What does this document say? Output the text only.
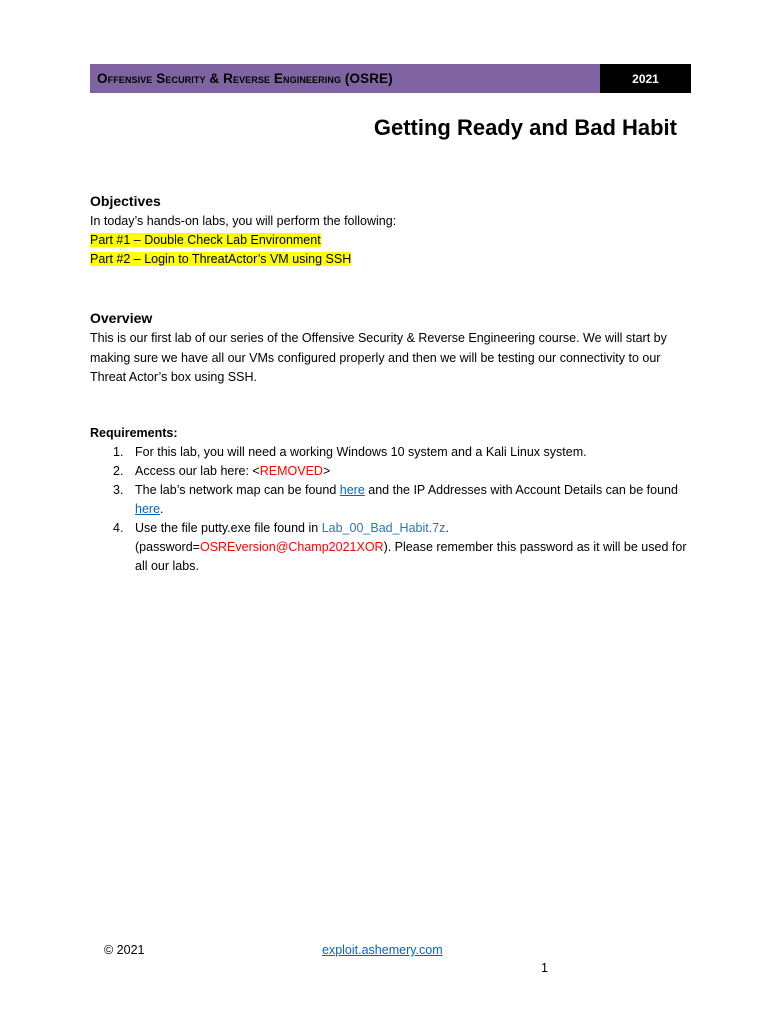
Offensive Security & Reverse Engineering (OSRE)	2021
Getting Ready and Bad Habit
Objectives
In today’s hands-on labs, you will perform the following:
Part #1 – Double Check Lab Environment
Part #2 – Login to ThreatActor’s VM using SSH
Overview
This is our first lab of our series of the Offensive Security & Reverse Engineering course. We will start by making sure we have all our VMs configured properly and then we will be testing our connectivity to our Threat Actor’s box using SSH.
Requirements:
1. For this lab, you will need a working Windows 10 system and a Kali Linux system.
2. Access our lab here: <REMOVED>
3. The lab’s network map can be found here and the IP Addresses with Account Details can be found here.
4. Use the file putty.exe file found in Lab_00_Bad_Habit.7z.
(password=OSREversion@Champ2021XOR). Please remember this password as it will be used for all our labs.
© 2021	exploit.ashemery.com
1
